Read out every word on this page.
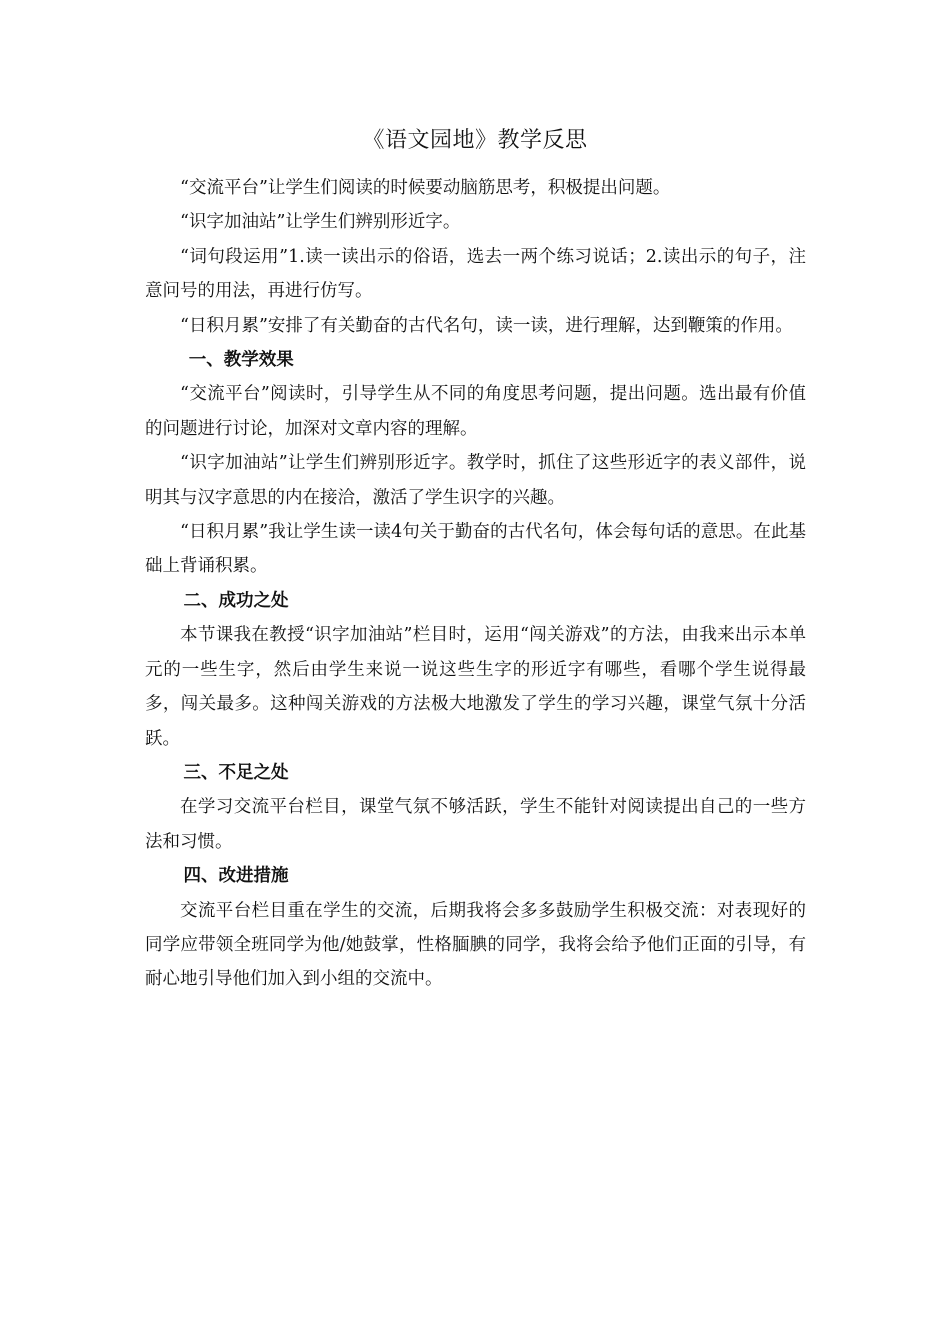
《语文园地》教学反思

“交流平台”让学生们阅读的时候要动脑筋思考，积极提出问题。

“识字加油站”让学生们辨别形近字。

“词句段运用”1.读一读出示的俗语，选去一两个练习说话；2.读出示的句子，注意问号的用法，再进行仿写。

“日积月累”安排了有关勤奋的古代名句，读一读，进行理解，达到鞭策的作用。

一、教学效果

“交流平台”阅读时，引导学生从不同的角度思考问题，提出问题。选出最有价值的问题进行讨论，加深对文章内容的理解。

“识字加油站”让学生们辨别形近字。教学时，抓住了这些形近字的表义部件，说明其与汉字意思的内在接洽，激活了学生识字的兴趣。

“日积月累”我让学生读一读4句关于勤奋的古代名句，体会每句话的意思。在此基础上背诵积累。

二、成功之处

本节课我在教授“识字加油站”栏目时，运用“闯关游戏”的方法，由我来出示本单元的一些生字，然后由学生来说一说这些生字的形近字有哪些，看哪个学生说得最多，闯关最多。这种闯关游戏的方法极大地激发了学生的学习兴趣，课堂气氛十分活跃。

三、不足之处

在学习交流平台栏目，课堂气氛不够活跃，学生不能针对阅读提出自己的一些方法和习惯。

四、改进措施

交流平台栏目重在学生的交流，后期我将会多多鼓励学生积极交流：对表现好的同学应带领全班同学为他/她鼓掌，性格腼腆的同学，我将会给予他们正面的引导，有耐心地引导他们加入到小组的交流中。
